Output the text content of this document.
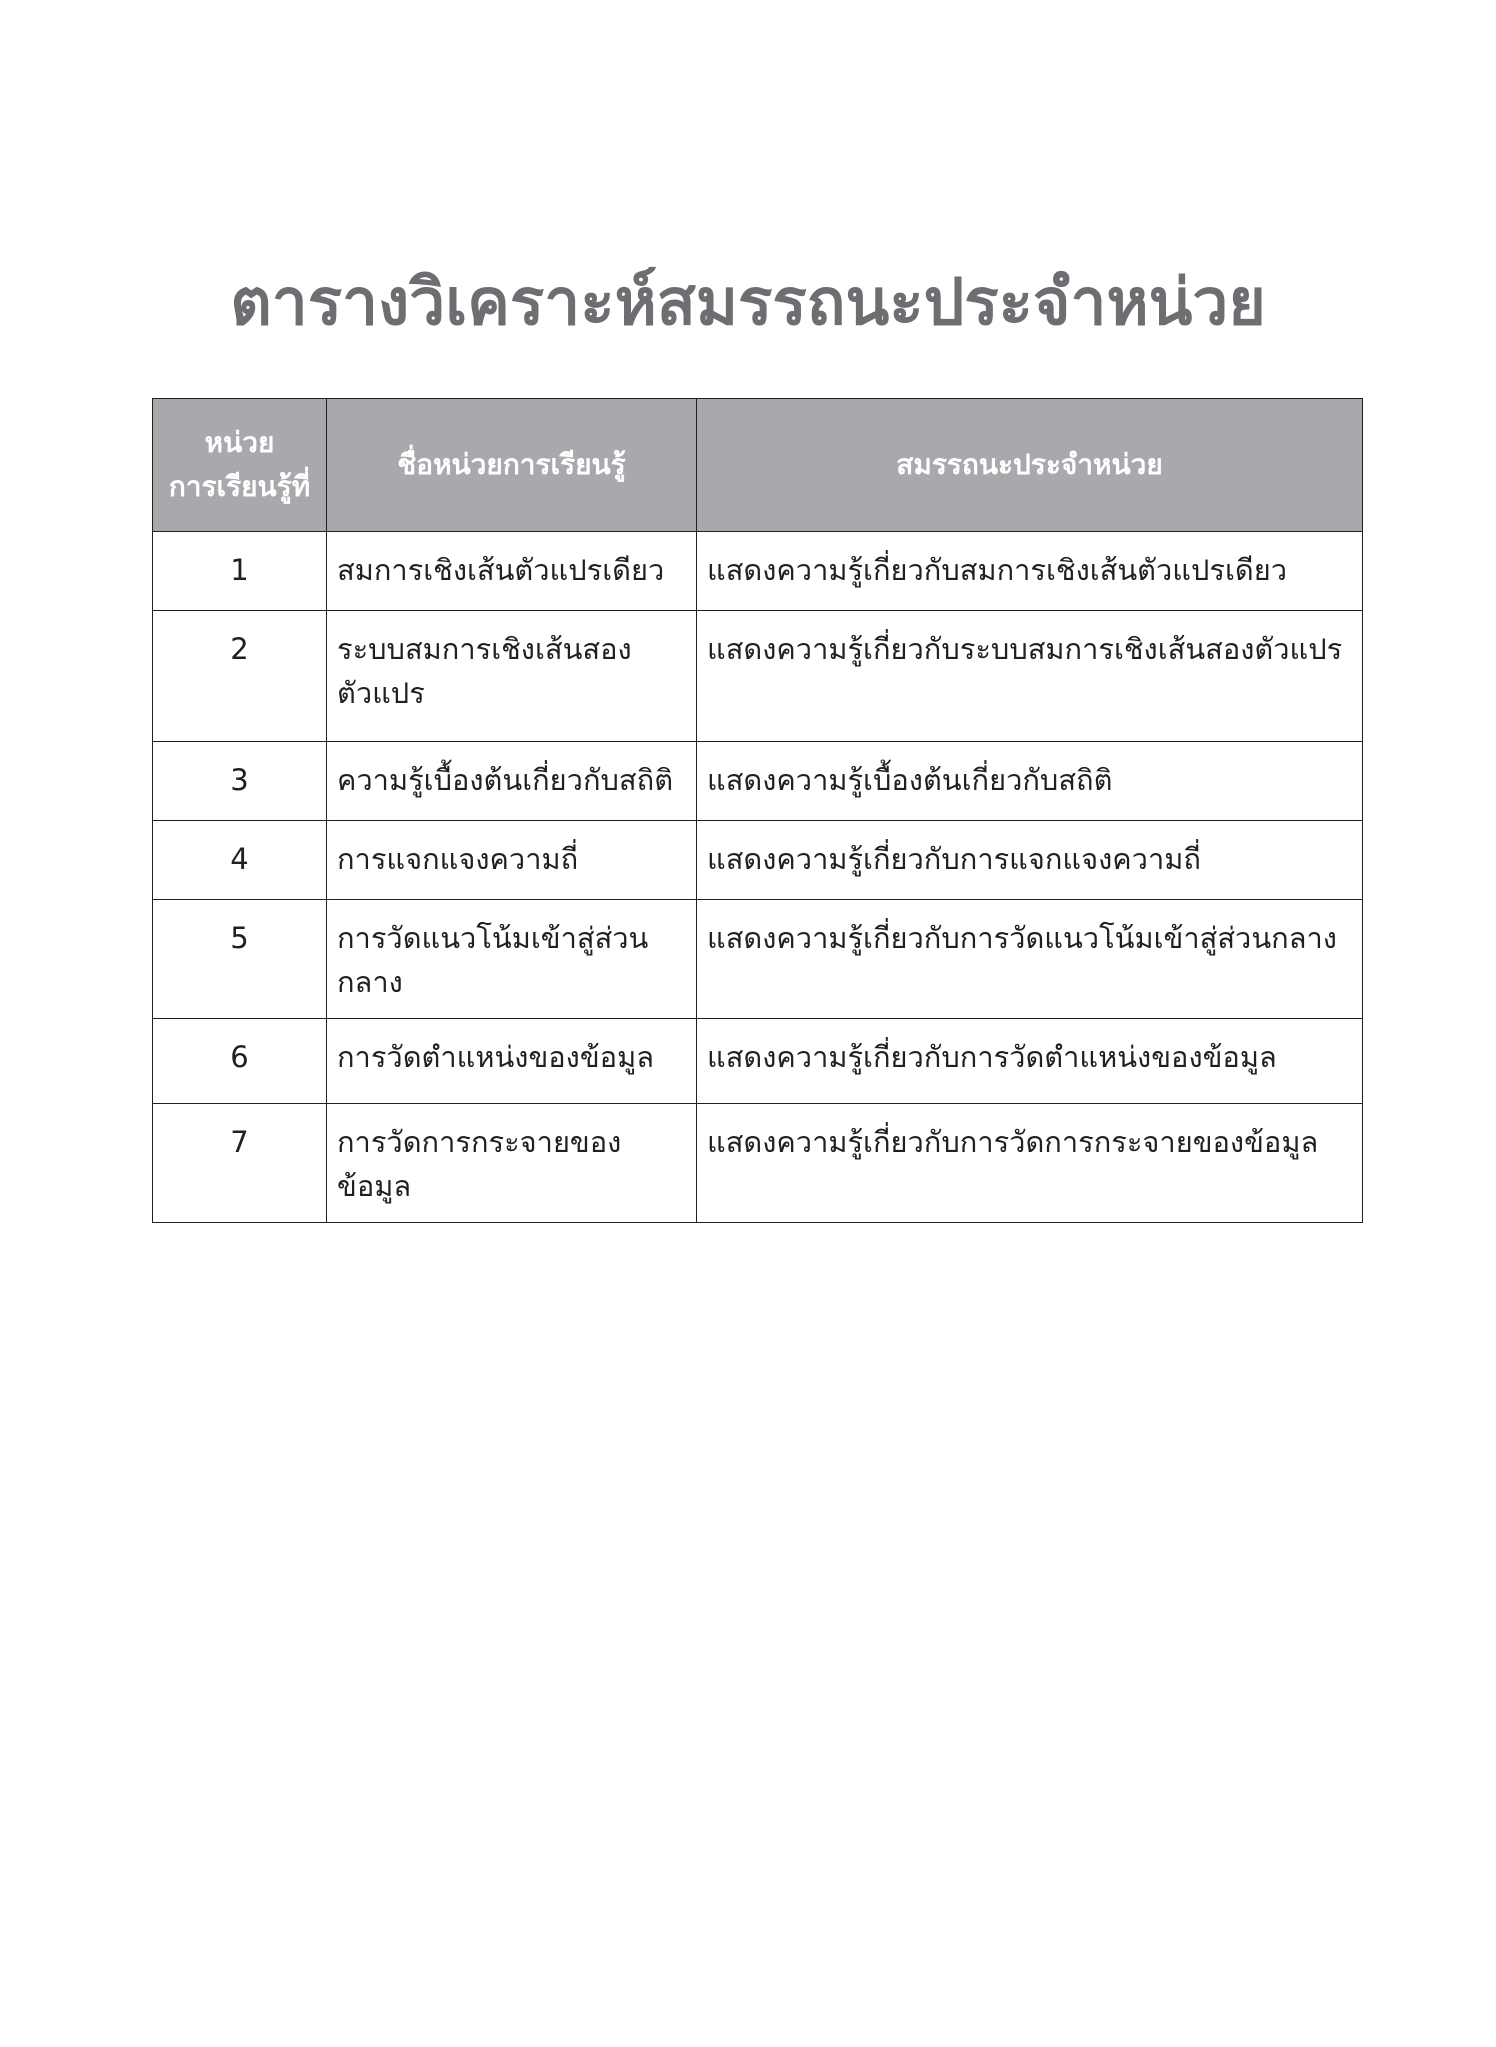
ตารางวิเคราะห์สมรรถนะประจำหน่วย
หน่วย
การเรียนรู้ที่	ชื่อหน่วยการเรียนรู้	สมรรถนะประจำหน่วย
1	สมการเชิงเส้นตัวแปรเดียว	แสดงความรู้เกี่ยวกับสมการเชิงเส้นตัวแปรเดียว
2	ระบบสมการเชิงเส้นสองตัวแปร	แสดงความรู้เกี่ยวกับระบบสมการเชิงเส้นสองตัวแปร
3	ความรู้เบื้องต้นเกี่ยวกับสถิติ	แสดงความรู้เบื้องต้นเกี่ยวกับสถิติ
4	การแจกแจงความถี่	แสดงความรู้เกี่ยวกับการแจกแจงความถี่
5	การวัดแนวโน้มเข้าสู่ส่วนกลาง	แสดงความรู้เกี่ยวกับการวัดแนวโน้มเข้าสู่ส่วนกลาง
6	การวัดตำแหน่งของข้อมูล	แสดงความรู้เกี่ยวกับการวัดตำแหน่งของข้อมูล
7	การวัดการกระจายของข้อมูล	แสดงความรู้เกี่ยวกับการวัดการกระจายของข้อมูล
